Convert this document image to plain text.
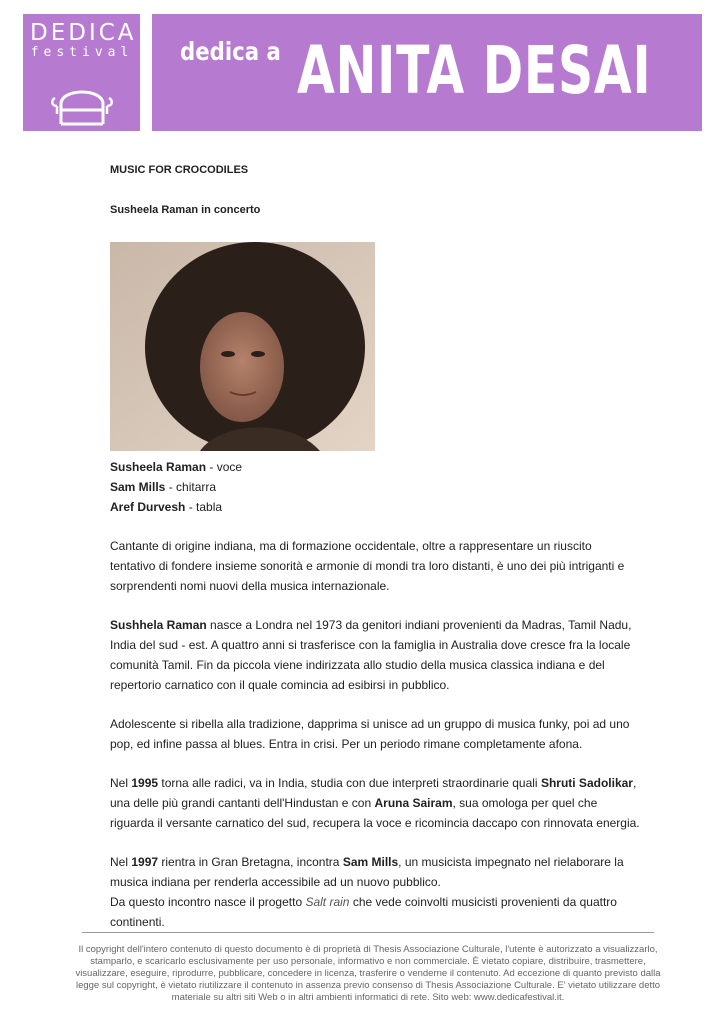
DEDICA
festival dedica a ANITA DESAI

MUSIC FOR CROCODILES

Susheela Raman in concerto

Susheela Raman - voce
Sam Mills - chitarra
Aref Durvesh - tabla

Cantante di origine indiana, ma di formazione occidentale, oltre a rappresentare un riuscito tentativo di fondere insieme sonorità e armonie di mondi tra loro distanti, è uno dei più intriganti e sorprendenti nomi nuovi della musica internazionale.

Sushhela Raman nasce a Londra nel 1973 da genitori indiani provenienti da Madras, Tamil Nadu, India del sud - est. A quattro anni si trasferisce con la famiglia in Australia dove cresce fra la locale comunità Tamil. Fin da piccola viene indirizzata allo studio della musica classica indiana e del repertorio carnatico con il quale comincia ad esibirsi in pubblico.

Adolescente si ribella alla tradizione, dapprima si unisce ad un gruppo di musica funky, poi ad uno pop, ed infine passa al blues. Entra in crisi. Per un periodo rimane completamente afona.

Nel 1995 torna alle radici, va in India, studia con due interpreti straordinarie quali Shruti Sadolikar, una delle più grandi cantanti dell'Hindustan e con Aruna Sairam, sua omologa per quel che riguarda il versante carnatico del sud, recupera la voce e ricomincia daccapo con rinnovata energia.

Nel 1997 rientra in Gran Bretagna, incontra Sam Mills, un musicista impegnato nel rielaborare la musica indiana per renderla accessibile ad un nuovo pubblico.
Da questo incontro nasce il progetto Salt rain che vede coinvolti musicisti provenienti da quattro continenti.

Il copyright dell'intero contenuto di questo documento è di proprietà di Thesis Associazione Culturale, l'utente è autorizzato a visualizzarlo, stamparlo, e scaricarlo esclusivamente per uso personale, informativo e non commerciale. È vietato copiare, distribuire, trasmettere, visualizzare, eseguire, riprodurre, pubblicare, concedere in licenza, trasferire o venderne il contenuto. Ad eccezione di quanto previsto dalla legge sul copyright, è vietato riutilizzare il contenuto in assenza previo consenso di Thesis Associazione Culturale. E' vietato utilizzare detto materiale su altri siti Web o in altri ambienti informatici di rete. Sito web: www.dedicafestival.it.
